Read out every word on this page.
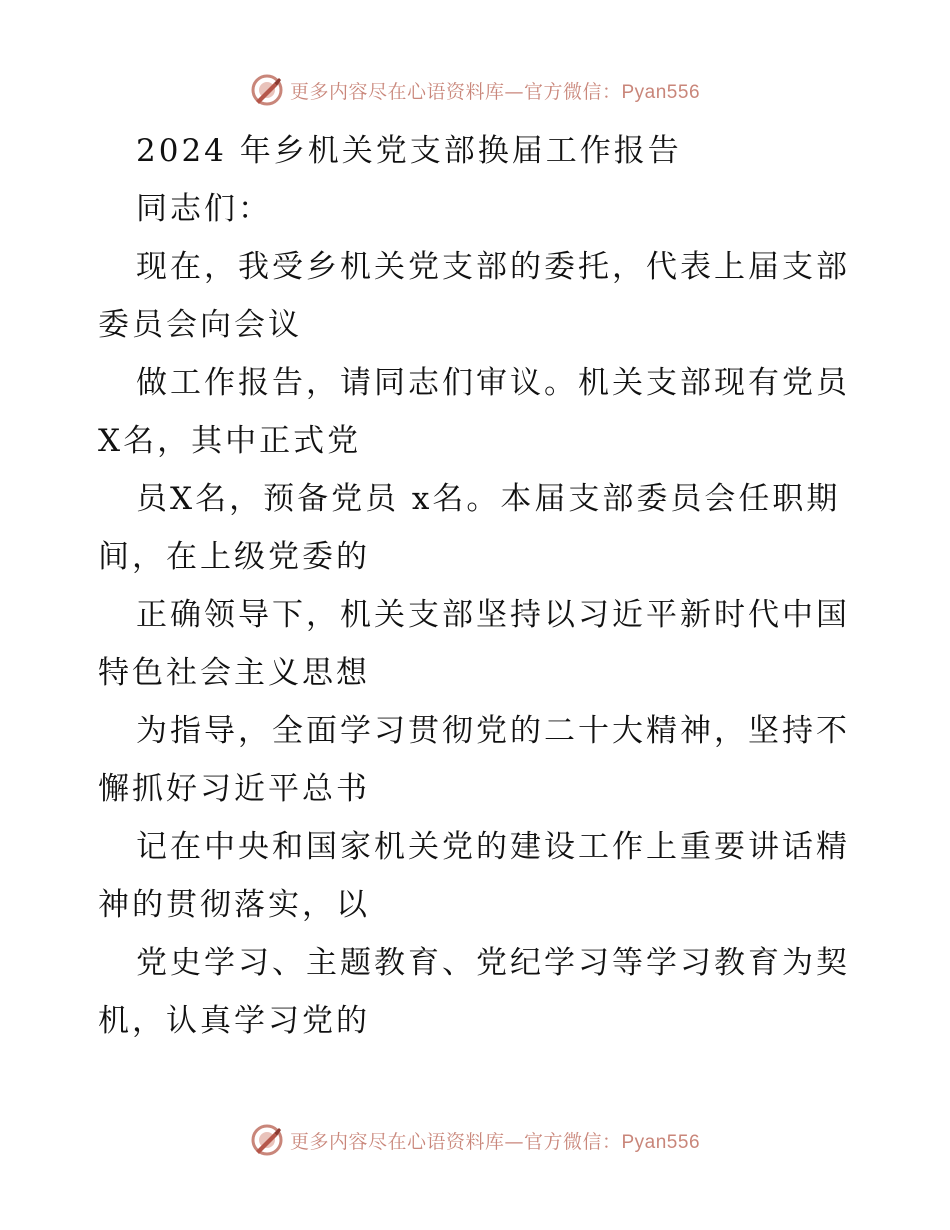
更多内容尽在心语资料库—官方微信：Pyan556
2024 年乡机关党支部换届工作报告
同志们：
现在，我受乡机关党支部的委托，代表上届支部
委员会向会议
做工作报告，请同志们审议。机关支部现有党员
X名，其中正式党
员X名，预备党员 x名。本届支部委员会任职期
间，在上级党委的
正确领导下，机关支部坚持以习近平新时代中国
特色社会主义思想
为指导，全面学习贯彻党的二十大精神，坚持不
懈抓好习近平总书
记在中央和国家机关党的建设工作上重要讲话精
神的贯彻落实，以
党史学习、主题教育、党纪学习等学习教育为契
机，认真学习党的
更多内容尽在心语资料库—官方微信：Pyan556
